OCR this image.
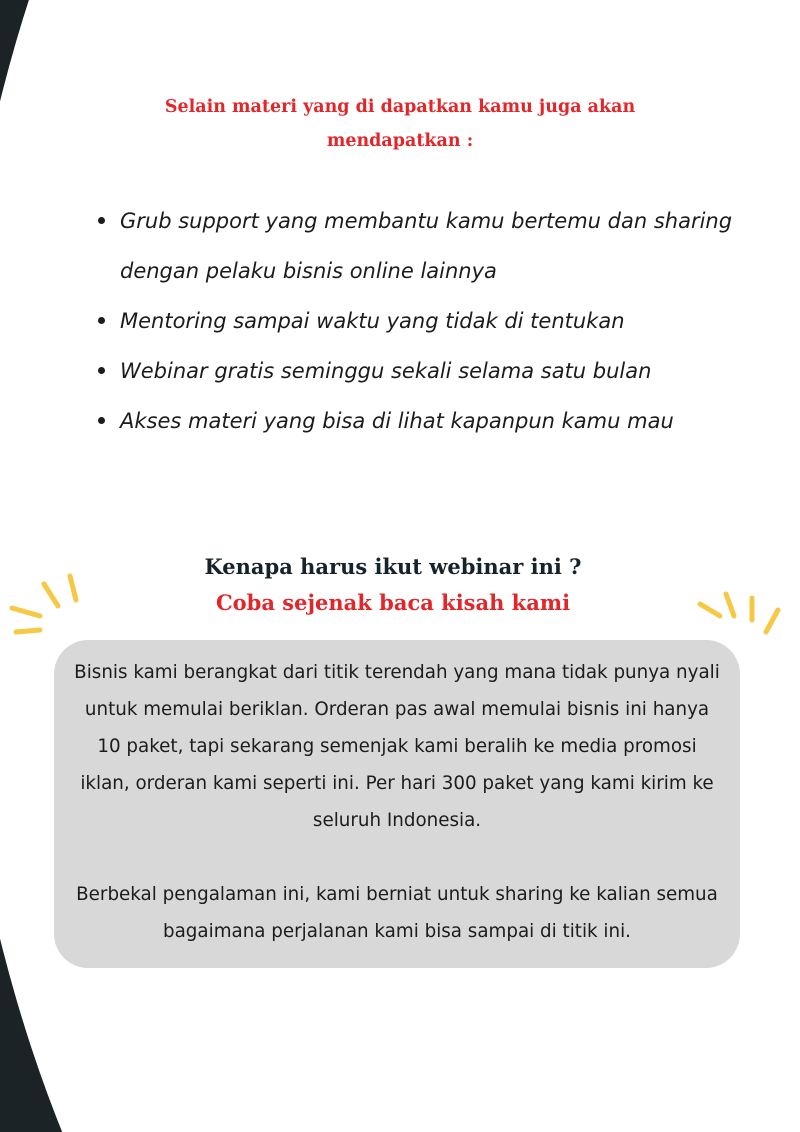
Selain materi yang di dapatkan kamu juga akan
mendapatkan :
Grub support yang membantu kamu bertemu dan sharing dengan pelaku bisnis online lainnya
Mentoring sampai waktu yang tidak di tentukan
Webinar gratis seminggu sekali selama satu bulan
Akses materi yang bisa di lihat kapanpun kamu mau
Kenapa harus ikut webinar ini ?
Coba sejenak baca kisah kami

Bisnis kami berangkat dari titik terendah yang mana tidak punya nyali untuk memulai beriklan. Orderan pas awal memulai bisnis ini hanya 10 paket, tapi sekarang semenjak kami beralih ke media promosi iklan, orderan kami seperti ini. Per hari 300 paket yang kami kirim ke seluruh Indonesia.

Berbekal pengalaman ini, kami berniat untuk sharing ke kalian semua bagaimana perjalanan kami bisa sampai di titik ini.
